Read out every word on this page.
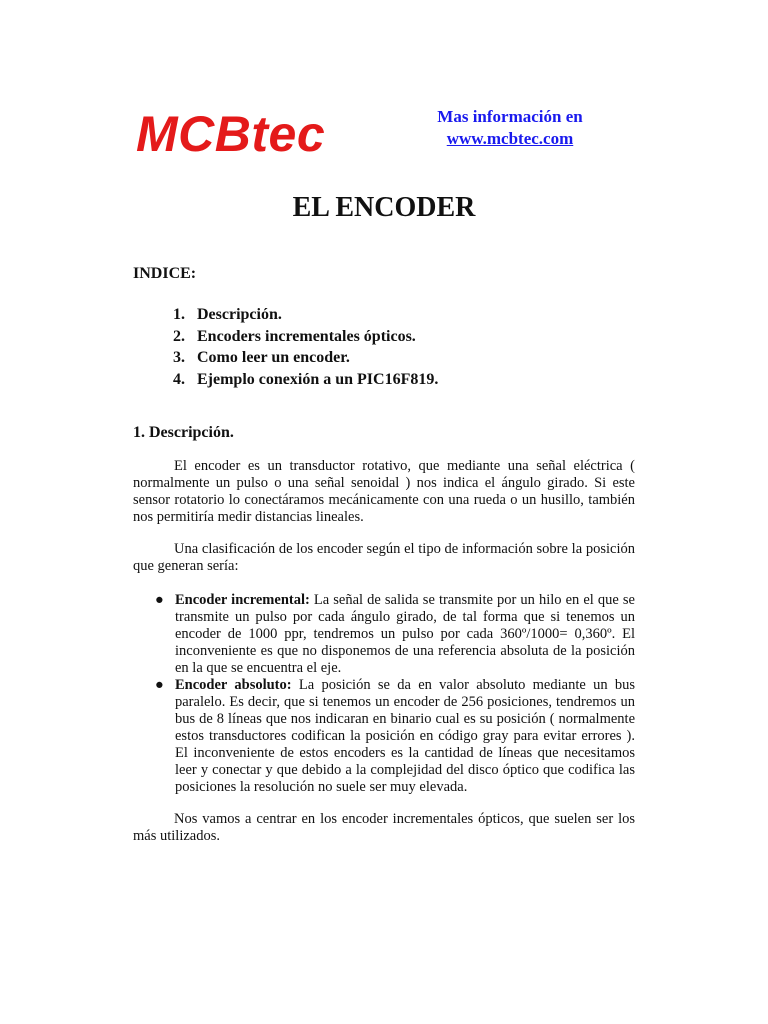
MCBtec	Mas información en
www.mcbtec.com
EL ENCODER
INDICE:
1. Descripción.
2. Encoders incrementales ópticos.
3. Como leer un encoder.
4. Ejemplo conexión a un PIC16F819.
1. Descripción.

El encoder es un transductor rotativo, que mediante una señal eléctrica ( normalmente un pulso o una señal senoidal ) nos indica el ángulo girado. Si este sensor rotatorio lo conectáramos mecánicamente con una rueda o un husillo, también nos permitiría medir distancias lineales.

Una clasificación de los encoder según el tipo de información sobre la posición que generan sería:

● Encoder incremental: La señal de salida se transmite por un hilo en el que se transmite un pulso por cada ángulo girado, de tal forma que si tenemos un encoder de 1000 ppr, tendremos un pulso por cada 360º/1000= 0,360º. El inconveniente es que no disponemos de una referencia absoluta de la posición en la que se encuentra el eje.
● Encoder absoluto: La posición se da en valor absoluto mediante un bus paralelo. Es decir, que si tenemos un encoder de 256 posiciones, tendremos un bus de 8 líneas que nos indicaran en binario cual es su posición ( normalmente estos transductores codifican la posición en código gray para evitar errores ). El inconveniente de estos encoders es la cantidad de líneas que necesitamos leer y conectar y que debido a la complejidad del disco óptico que codifica las posiciones la resolución no suele ser muy elevada.

Nos vamos a centrar en los encoder incrementales ópticos, que suelen ser los más utilizados.
